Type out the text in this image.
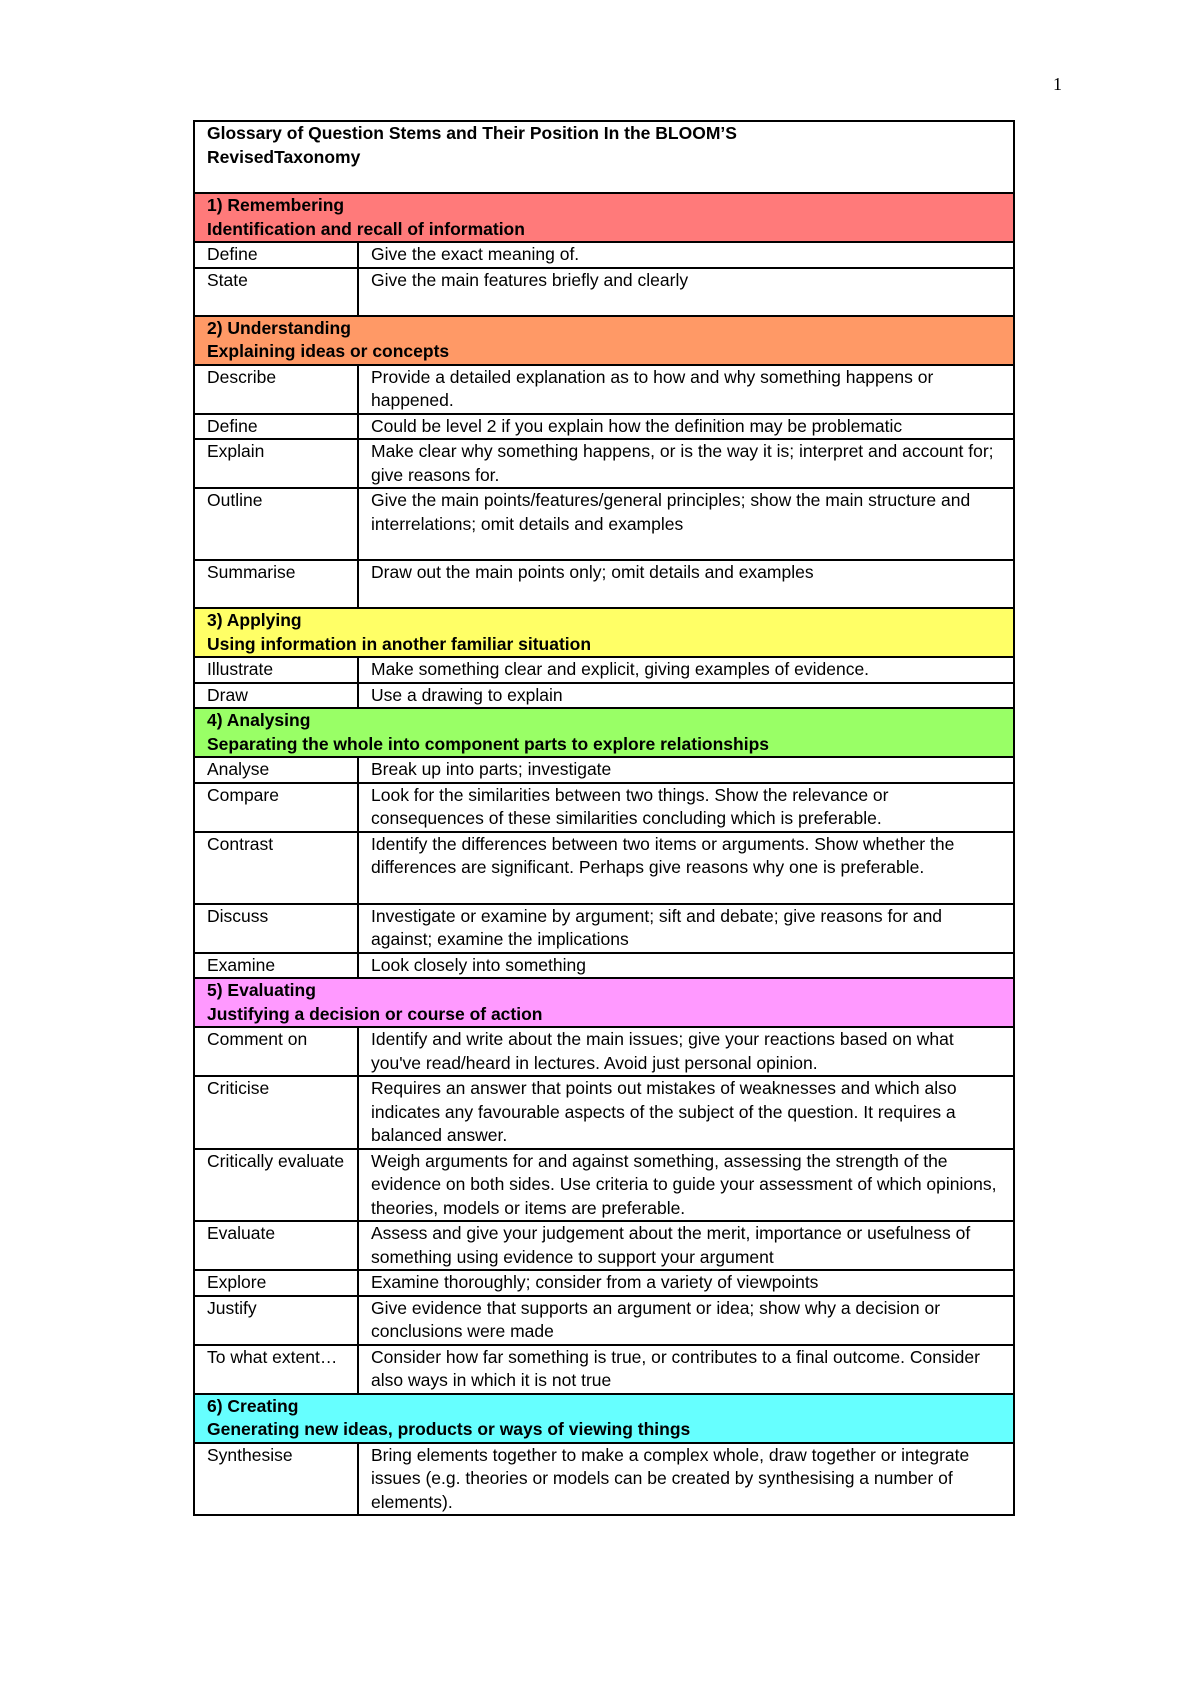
1
Glossary of Question Stems and Their Position In the BLOOM’S
RevisedTaxonomy	

1) Remembering
Identification and recall of information	

Define	Give the exact meaning of.
State	Give the main features briefly and clearly

2) Understanding
Explaining ideas or concepts	

Describe	Provide a detailed explanation as to how and why something happens or happened.
Define	Could be level 2 if you explain how the definition may be problematic
Explain	Make clear why something happens, or is the way it is; interpret and account for; give reasons for.
Outline	Give the main points/features/general principles; show the main structure and interrelations; omit details and examples
Summarise	Draw out the main points only; omit details and examples

3) Applying
Using information in another familiar situation	

Illustrate	Make something clear and explicit, giving examples of evidence.
Draw	Use a drawing to explain

4) Analysing
Separating the whole into component parts to explore relationships	

Analyse	Break up into parts; investigate
Compare	Look for the similarities between two things. Show the relevance or consequences of these similarities concluding which is preferable.
Contrast	Identify the differences between two items or arguments. Show whether the differences are significant. Perhaps give reasons why one is preferable.
Discuss	Investigate or examine by argument; sift and debate; give reasons for and against; examine the implications
Examine	Look closely into something

5) Evaluating
Justifying a decision or course of action	

Comment on	Identify and write about the main issues; give your reactions based on what you've read/heard in lectures. Avoid just personal opinion.
Criticise	Requires an answer that points out mistakes of weaknesses and which also indicates any favourable aspects of the subject of the question. It requires a balanced answer.
Critically evaluate	Weigh arguments for and against something, assessing the strength of the evidence on both sides. Use criteria to guide your assessment of which opinions, theories, models or items are preferable.
Evaluate	Assess and give your judgement about the merit, importance or usefulness of something using evidence to support your argument
Explore	Examine thoroughly; consider from a variety of viewpoints
Justify	Give evidence that supports an argument or idea; show why a decision or conclusions were made
To what extent…	Consider how far something is true, or contributes to a final outcome. Consider also ways in which it is not true

6) Creating
Generating new ideas, products or ways of viewing things	

Synthesise	Bring elements together to make a complex whole, draw together or integrate issues (e.g. theories or models can be created by synthesising a number of elements).
